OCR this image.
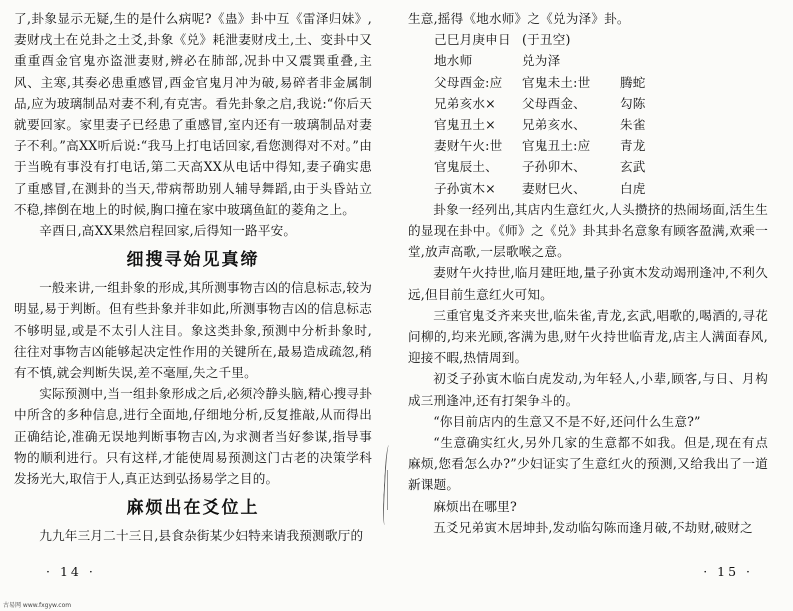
了,卦象显示无疑,生的是什么病呢?《蛊》卦中互《雷泽归妹》,妻财戌土在兑卦之土爻,卦象《兑》耗泄妻财戌土,土、变卦中又重重酉金官鬼亦盗泄妻财,辨必在肺部,况卦中又震巽重叠,主风、主寒,其奏必患重感冒,酉金官鬼月冲为破,易碎者非金属制品,应为玻璃制品对妻不利,有克害。看先卦象之启,我说:“你后天就要回家。家里妻子已经患了重感冒,室内还有一玻璃制品对妻子不利。”高XX听后说:“我马上打电话回家,看您测得对不对。”由于当晚有事没有打电话,第二天高XX从电话中得知,妻子确实患了重感冒,在测卦的当天,带病帮助别人辅导舞蹈,由于头昏站立不稳,摔倒在地上的时候,胸口撞在家中玻璃鱼缸的菱角之上。

辛酉日,高XX果然启程回家,后得知一路平安。

细搜寻始见真缔

一般来讲,一组卦象的形成,其所测事物吉凶的信息标志,较为明显,易于判断。但有些卦象并非如此,所测事物吉凶的信息标志不够明显,或是不太引人注目。象这类卦象,预测中分析卦象时,往往对事物吉凶能够起决定性作用的关键所在,最易造成疏忽,稍有不慎,就会判断失误,差不毫厘,失之千里。

实际预测中,当一组卦象形成之后,必须冷静头脑,精心搜寻卦中所含的多种信息,进行全面地,仔细地分析,反复推敲,从而得出正确结论,准确无误地判断事物吉凶,为求测者当好参谋,指导事物的顺利进行。只有这样,才能使周易预测这门古老的决策学科发扬光大,取信于人,真正达到弘扬易学之目的。

麻烦出在爻位上

九九年三月二十三日,县食杂街某少妇特来请我预测歌厅的

· 14 ·

生意,摇得《地水师》之《兑为泽》卦。

己巳月庚申日 (于丑空)
地水师	兑为泽
父母酉金:应	官鬼未土:世	腾蛇
兄弟亥水×	父母酉金、	勾陈
官鬼丑土×	兄弟亥水、	朱雀
妻财午火:世	官鬼丑土:应	青龙
官鬼辰土、	子孙卯木、	玄武
子孙寅木×	妻财巳火、	白虎

卦象一经列出,其店内生意红火,人头攒挤的热闹场面,活生生的显现在卦中。《师》之《兑》卦其卦名意象有顾客盈满,欢乘一堂,放声高歌,一层歌喉之意。

妻财午火持世,临月建旺地,量子孙寅木发动竭刑逢冲,不利久远,但目前生意红火可知。

三重官鬼爻齐来夹世,临朱雀,青龙,玄武,唱歌的,喝酒的,寻花问柳的,均来光顾,客满为患,财午火持世临青龙,店主人满面春风,迎接不暇,热情周到。

初爻子孙寅木临白虎发动,为年轻人,小辈,顾客,与日、月构成三刑逢冲,还有打架争斗的。

“你目前店内的生意又不是不好,还问什么生意?”

“生意确实红火,另外几家的生意都不如我。但是,现在有点麻烦,您看怎么办?”少妇证实了生意红火的预测,又给我出了一道新课题。

麻烦出在哪里?

五爻兄弟寅木居坤卦,发动临勾陈而逢月破,不劫财,破财之

· 15 ·
古易网 www.fxgyw.com
